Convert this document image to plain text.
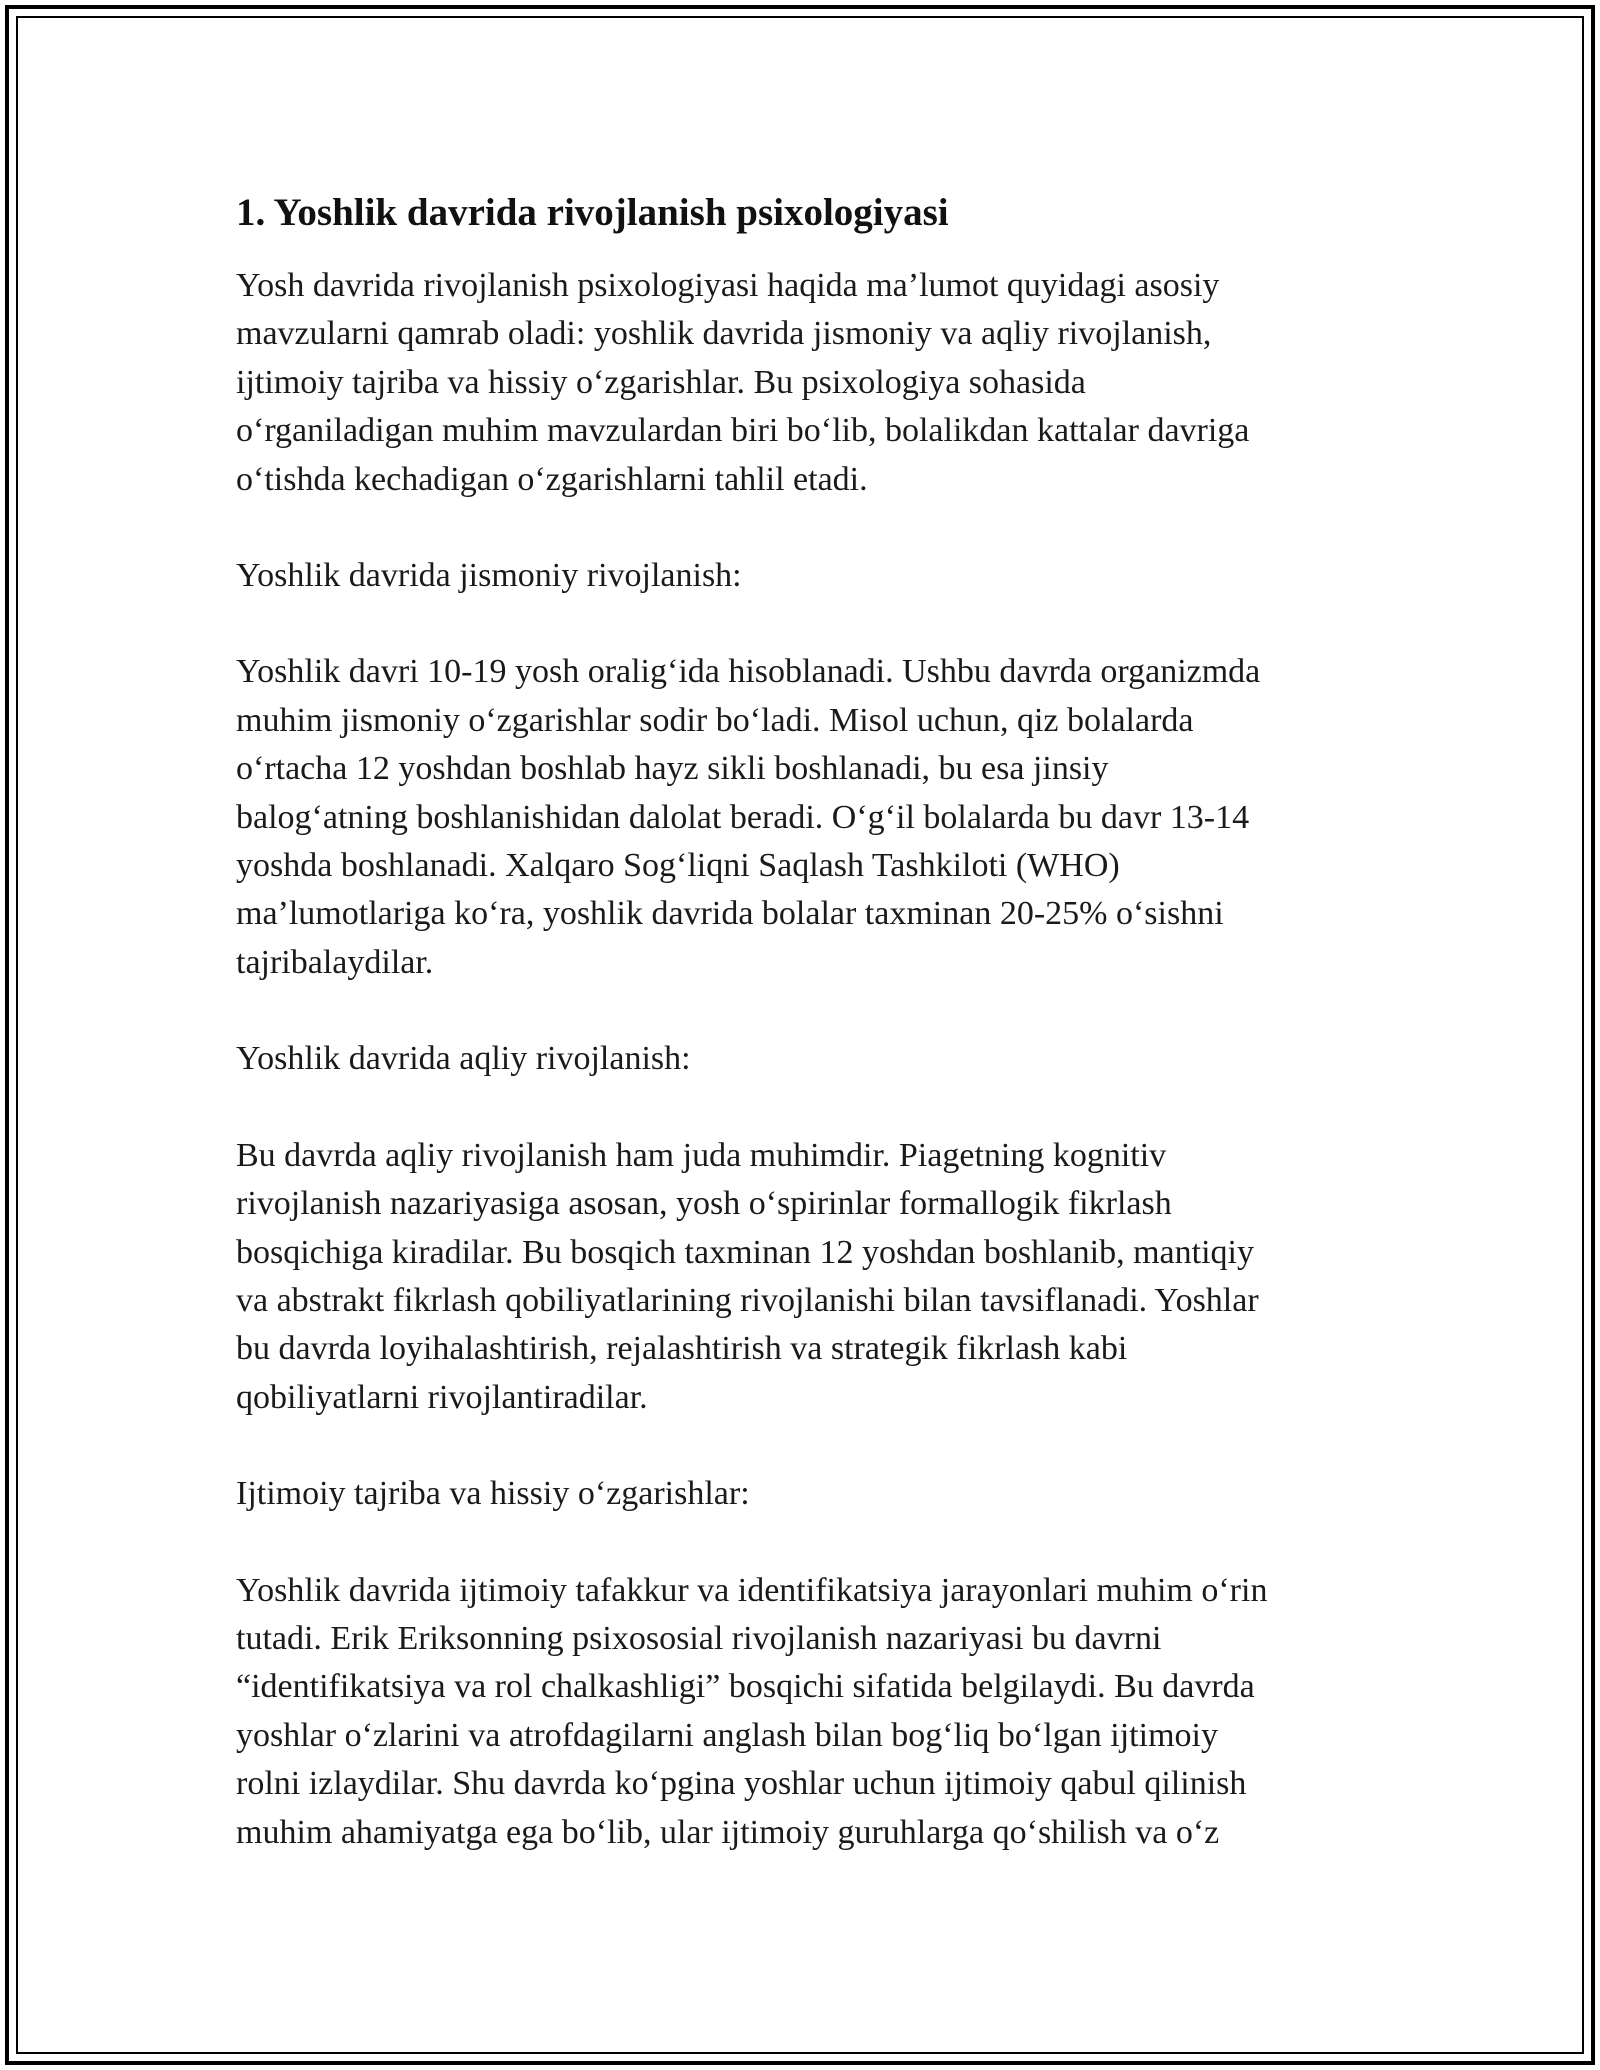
1. Yoshlik davrida rivojlanish psixologiyasi
Yosh davrida rivojlanish psixologiyasi haqida ma’lumot quyidagi asosiy
mavzularni qamrab oladi: yoshlik davrida jismoniy va aqliy rivojlanish,
ijtimoiy tajriba va hissiy o‘zgarishlar. Bu psixologiya sohasida
o‘rganiladigan muhim mavzulardan biri bo‘lib, bolalikdan kattalar davriga
o‘tishda kechadigan o‘zgarishlarni tahlil etadi.
Yoshlik davrida jismoniy rivojlanish:
Yoshlik davri 10-19 yosh oralig‘ida hisoblanadi. Ushbu davrda organizmda
muhim jismoniy o‘zgarishlar sodir bo‘ladi. Misol uchun, qiz bolalarda
o‘rtacha 12 yoshdan boshlab hayz sikli boshlanadi, bu esa jinsiy
balog‘atning boshlanishidan dalolat beradi. O‘g‘il bolalarda bu davr 13-14
yoshda boshlanadi. Xalqaro Sog‘liqni Saqlash Tashkiloti (WHO)
ma’lumotlariga ko‘ra, yoshlik davrida bolalar taxminan 20-25% o‘sishni
tajribalaydilar.
Yoshlik davrida aqliy rivojlanish:
Bu davrda aqliy rivojlanish ham juda muhimdir. Piagetning kognitiv
rivojlanish nazariyasiga asosan, yosh o‘spirinlar formallogik fikrlash
bosqichiga kiradilar. Bu bosqich taxminan 12 yoshdan boshlanib, mantiqiy
va abstrakt fikrlash qobiliyatlarining rivojlanishi bilan tavsiflanadi. Yoshlar
bu davrda loyihalashtirish, rejalashtirish va strategik fikrlash kabi
qobiliyatlarni rivojlantiradilar.
Ijtimoiy tajriba va hissiy o‘zgarishlar:
Yoshlik davrida ijtimoiy tafakkur va identifikatsiya jarayonlari muhim o‘rin
tutadi. Erik Eriksonning psixososial rivojlanish nazariyasi bu davrni
“identifikatsiya va rol chalkashligi” bosqichi sifatida belgilaydi. Bu davrda
yoshlar o‘zlarini va atrofdagilarni anglash bilan bog‘liq bo‘lgan ijtimoiy
rolni izlaydilar. Shu davrda ko‘pgina yoshlar uchun ijtimoiy qabul qilinish
muhim ahamiyatga ega bo‘lib, ular ijtimoiy guruhlarga qo‘shilish va o‘z
